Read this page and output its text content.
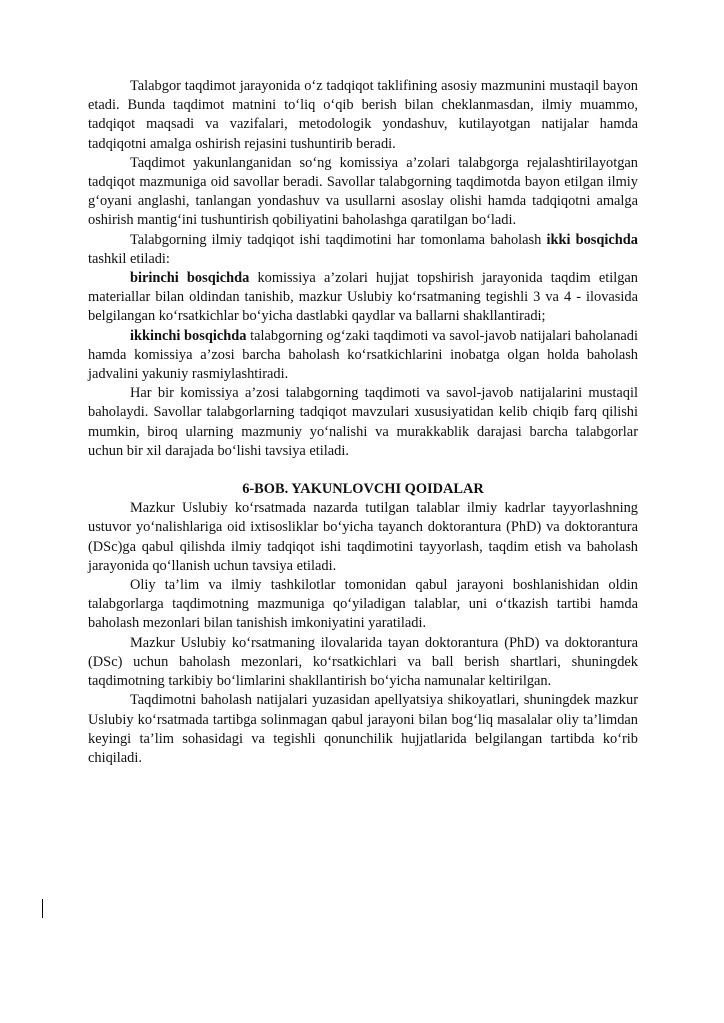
Talabgor taqdimot jarayonida o‘z tadqiqot taklifining asosiy mazmunini mustaqil bayon etadi. Bunda taqdimot matnini to‘liq o‘qib berish bilan cheklanmasdan, ilmiy muammo, tadqiqot maqsadi va vazifalari, metodologik yondashuv, kutilayotgan natijalar hamda tadqiqotni amalga oshirish rejasini tushuntirib beradi.

Taqdimot yakunlanganidan so‘ng komissiya a’zolari talabgorga rejalashtirilayotgan tadqiqot mazmuniga oid savollar beradi. Savollar talabgorning taqdimotda bayon etilgan ilmiy g‘oyani anglashi, tanlangan yondashuv va usullarni asoslay olishi hamda tadqiqotni amalga oshirish mantig‘ini tushuntirish qobiliyatini baholashga qaratilgan bo‘ladi.

Talabgorning ilmiy tadqiqot ishi taqdimotini har tomonlama baholash ikki bosqichda tashkil etiladi:

birinchi bosqichda komissiya a’zolari hujjat topshirish jarayonida taqdim etilgan materiallar bilan oldindan tanishib, mazkur Uslubiy ko‘rsatmaning tegishli 3 va 4 - ilovasida belgilangan ko‘rsatkichlar bo‘yicha dastlabki qaydlar va ballarni shakllantiradi;

ikkinchi bosqichda talabgorning og‘zaki taqdimoti va savol-javob natijalari baholanadi hamda komissiya a’zosi barcha baholash ko‘rsatkichlarini inobatga olgan holda baholash jadvalini yakuniy rasmiylashtiradi.

Har bir komissiya a’zosi talabgorning taqdimoti va savol-javob natijalarini mustaqil baholaydi. Savollar talabgorlarning tadqiqot mavzulari xususiyatidan kelib chiqib farq qilishi mumkin, biroq ularning mazmuniy yo‘nalishi va murakkablik darajasi barcha talabgorlar uchun bir xil darajada bo‘lishi tavsiya etiladi.

6-BOB. YAKUNLOVCHI QOIDALAR

Mazkur Uslubiy ko‘rsatmada nazarda tutilgan talablar ilmiy kadrlar tayyorlashning ustuvor yo‘nalishlariga oid ixtisosliklar bo‘yicha tayanch doktorantura (PhD) va doktorantura (DSc)ga qabul qilishda ilmiy tadqiqot ishi taqdimotini tayyorlash, taqdim etish va baholash jarayonida qo‘llanish uchun tavsiya etiladi.

Oliy ta’lim va ilmiy tashkilotlar tomonidan qabul jarayoni boshlanishidan oldin talabgorlarga taqdimotning mazmuniga qo‘yiladigan talablar, uni o‘tkazish tartibi hamda baholash mezonlari bilan tanishish imkoniyatini yaratiladi.

Mazkur Uslubiy ko‘rsatmaning ilovalarida tayan doktorantura (PhD) va doktorantura (DSc) uchun baholash mezonlari, ko‘rsatkichlari va ball berish shartlari, shuningdek taqdimotning tarkibiy bo‘limlarini shakllantirish bo‘yicha namunalar keltirilgan.

Taqdimotni baholash natijalari yuzasidan apellyatsiya shikoyatlari, shuningdek mazkur Uslubiy ko‘rsatmada tartibga solinmagan qabul jarayoni bilan bog‘liq masalalar oliy ta’limdan keyingi ta’lim sohasidagi va tegishli qonunchilik hujjatlarida belgilangan tartibda ko‘rib chiqiladi.
